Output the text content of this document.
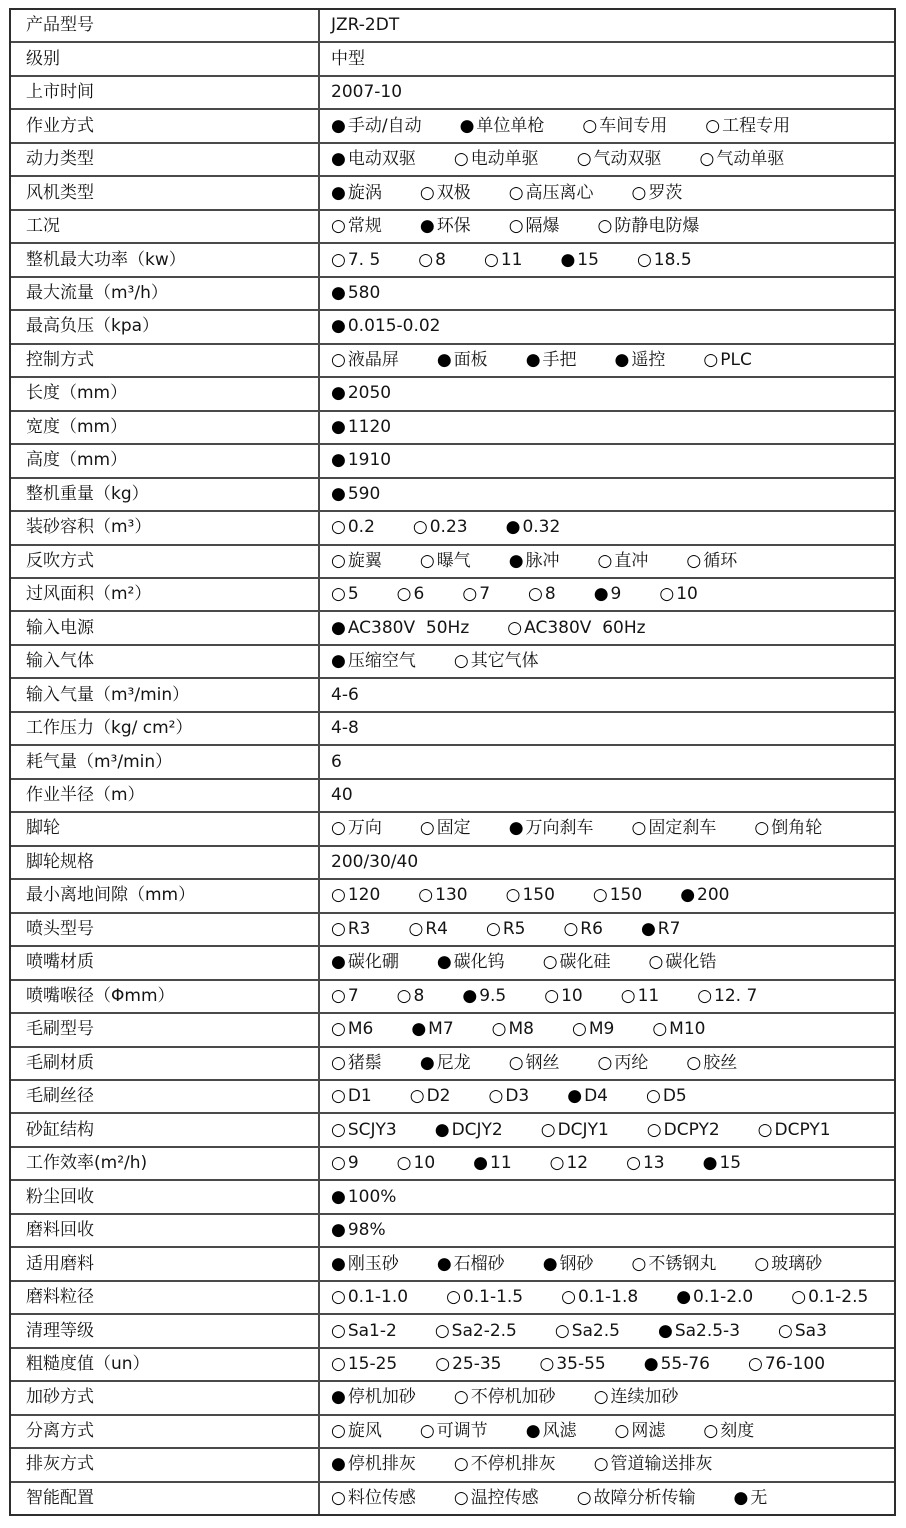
产品型号	JZR-2DT
级别	中型
上市时间	2007-10
作业方式	● 手动/自动 ● 单位单枪 ○ 车间专用 ○ 工程专用
动力类型	● 电动双驱 ○ 电动单驱 ○ 气动双驱 ○ 气动单驱
风机类型	● 旋涡 ○ 双极 ○ 高压离心 ○ 罗茨
工况	○ 常规 ● 环保 ○ 隔爆 ○ 防静电防爆
整机最大功率（kw）	○ 7. 5 ○ 8 ○ 11 ● 15 ○ 18.5
最大流量（m³/h）	● 580
最高负压（kpa）	● 0.015-0.02
控制方式	○ 液晶屏 ● 面板 ● 手把 ● 遥控 ○ PLC
长度（mm）	● 2050
宽度（mm）	● 1120
高度（mm）	● 1910
整机重量（kg）	● 590
装砂容积（m³）	○ 0.2 ○ 0.23 ● 0.32
反吹方式	○ 旋翼 ○ 曝气 ● 脉冲 ○ 直冲 ○ 循环
过风面积（m²）	○ 5 ○ 6 ○ 7 ○ 8 ● 9 ○ 10
输入电源	● AC380V  50Hz ○ AC380V  60Hz
输入气体	● 压缩空气 ○ 其它气体
输入气量（m³/min）	4-6
工作压力（kg/ cm²）	4-8
耗气量（m³/min）	6
作业半径（m）	40
脚轮	○ 万向 ○ 固定 ● 万向刹车 ○ 固定刹车 ○ 倒角轮
脚轮规格	200/30/40
最小离地间隙（mm）	○ 120 ○ 130 ○ 150 ○ 150 ● 200
喷头型号	○ R3 ○ R4 ○ R5 ○ R6 ● R7
喷嘴材质	● 碳化硼 ● 碳化钨 ○ 碳化硅 ○ 碳化锆
喷嘴喉径（Φmm）	○ 7 ○ 8 ● 9.5 ○ 10 ○ 11 ○ 12. 7
毛刷型号	○ M6 ● M7 ○ M8 ○ M9 ○ M10
毛刷材质	○ 猪鬃 ● 尼龙 ○ 钢丝 ○ 丙纶 ○ 胶丝
毛刷丝径	○ D1 ○ D2 ○ D3 ● D4 ○ D5
砂缸结构	○ SCJY3 ● DCJY2 ○ DCJY1 ○ DCPY2 ○ DCPY1
工作效率(m²/h)	○ 9 ○ 10 ● 11 ○ 12 ○ 13 ● 15
粉尘回收	● 100%
磨料回收	● 98%
适用磨料	● 刚玉砂 ● 石榴砂 ● 钢砂 ○ 不锈钢丸 ○ 玻璃砂
磨料粒径	○ 0.1-1.0 ○ 0.1-1.5 ○ 0.1-1.8 ● 0.1-2.0 ○ 0.1-2.5
清理等级	○ Sa1-2 ○ Sa2-2.5 ○ Sa2.5 ● Sa2.5-3 ○ Sa3
粗糙度值（un）	○ 15-25 ○ 25-35 ○ 35-55 ● 55-76 ○ 76-100
加砂方式	● 停机加砂 ○ 不停机加砂 ○ 连续加砂
分离方式	○ 旋风 ○ 可调节 ● 风滤 ○ 网滤 ○ 刻度
排灰方式	● 停机排灰 ○ 不停机排灰 ○ 管道输送排灰
智能配置	○ 料位传感 ○ 温控传感 ○ 故障分析传输 ● 无
